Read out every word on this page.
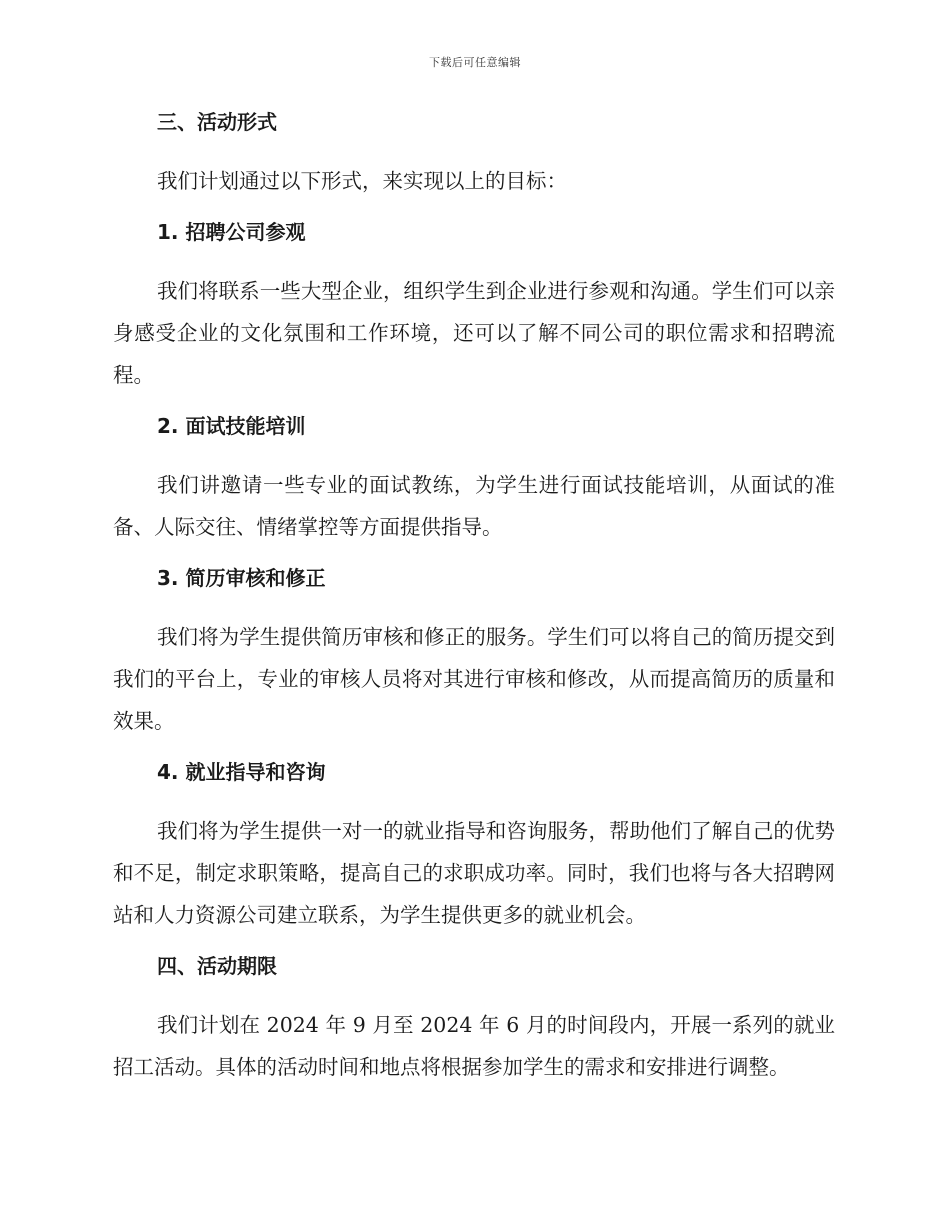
下载后可任意编辑
三、活动形式
我们计划通过以下形式，来实现以上的目标：
1. 招聘公司参观
我们将联系一些大型企业，组织学生到企业进行参观和沟通。学生们可以亲身感受企业的文化氛围和工作环境，还可以了解不同公司的职位需求和招聘流程。
2. 面试技能培训
我们讲邀请一些专业的面试教练，为学生进行面试技能培训，从面试的准备、人际交往、情绪掌控等方面提供指导。
3. 简历审核和修正
我们将为学生提供简历审核和修正的服务。学生们可以将自己的简历提交到我们的平台上，专业的审核人员将对其进行审核和修改，从而提高简历的质量和效果。
4. 就业指导和咨询
我们将为学生提供一对一的就业指导和咨询服务，帮助他们了解自己的优势和不足，制定求职策略，提高自己的求职成功率。同时，我们也将与各大招聘网站和人力资源公司建立联系，为学生提供更多的就业机会。
四、活动期限
我们计划在 2024 年 9 月至 2024 年 6 月的时间段内，开展一系列的就业招工活动。具体的活动时间和地点将根据参加学生的需求和安排进行调整。
